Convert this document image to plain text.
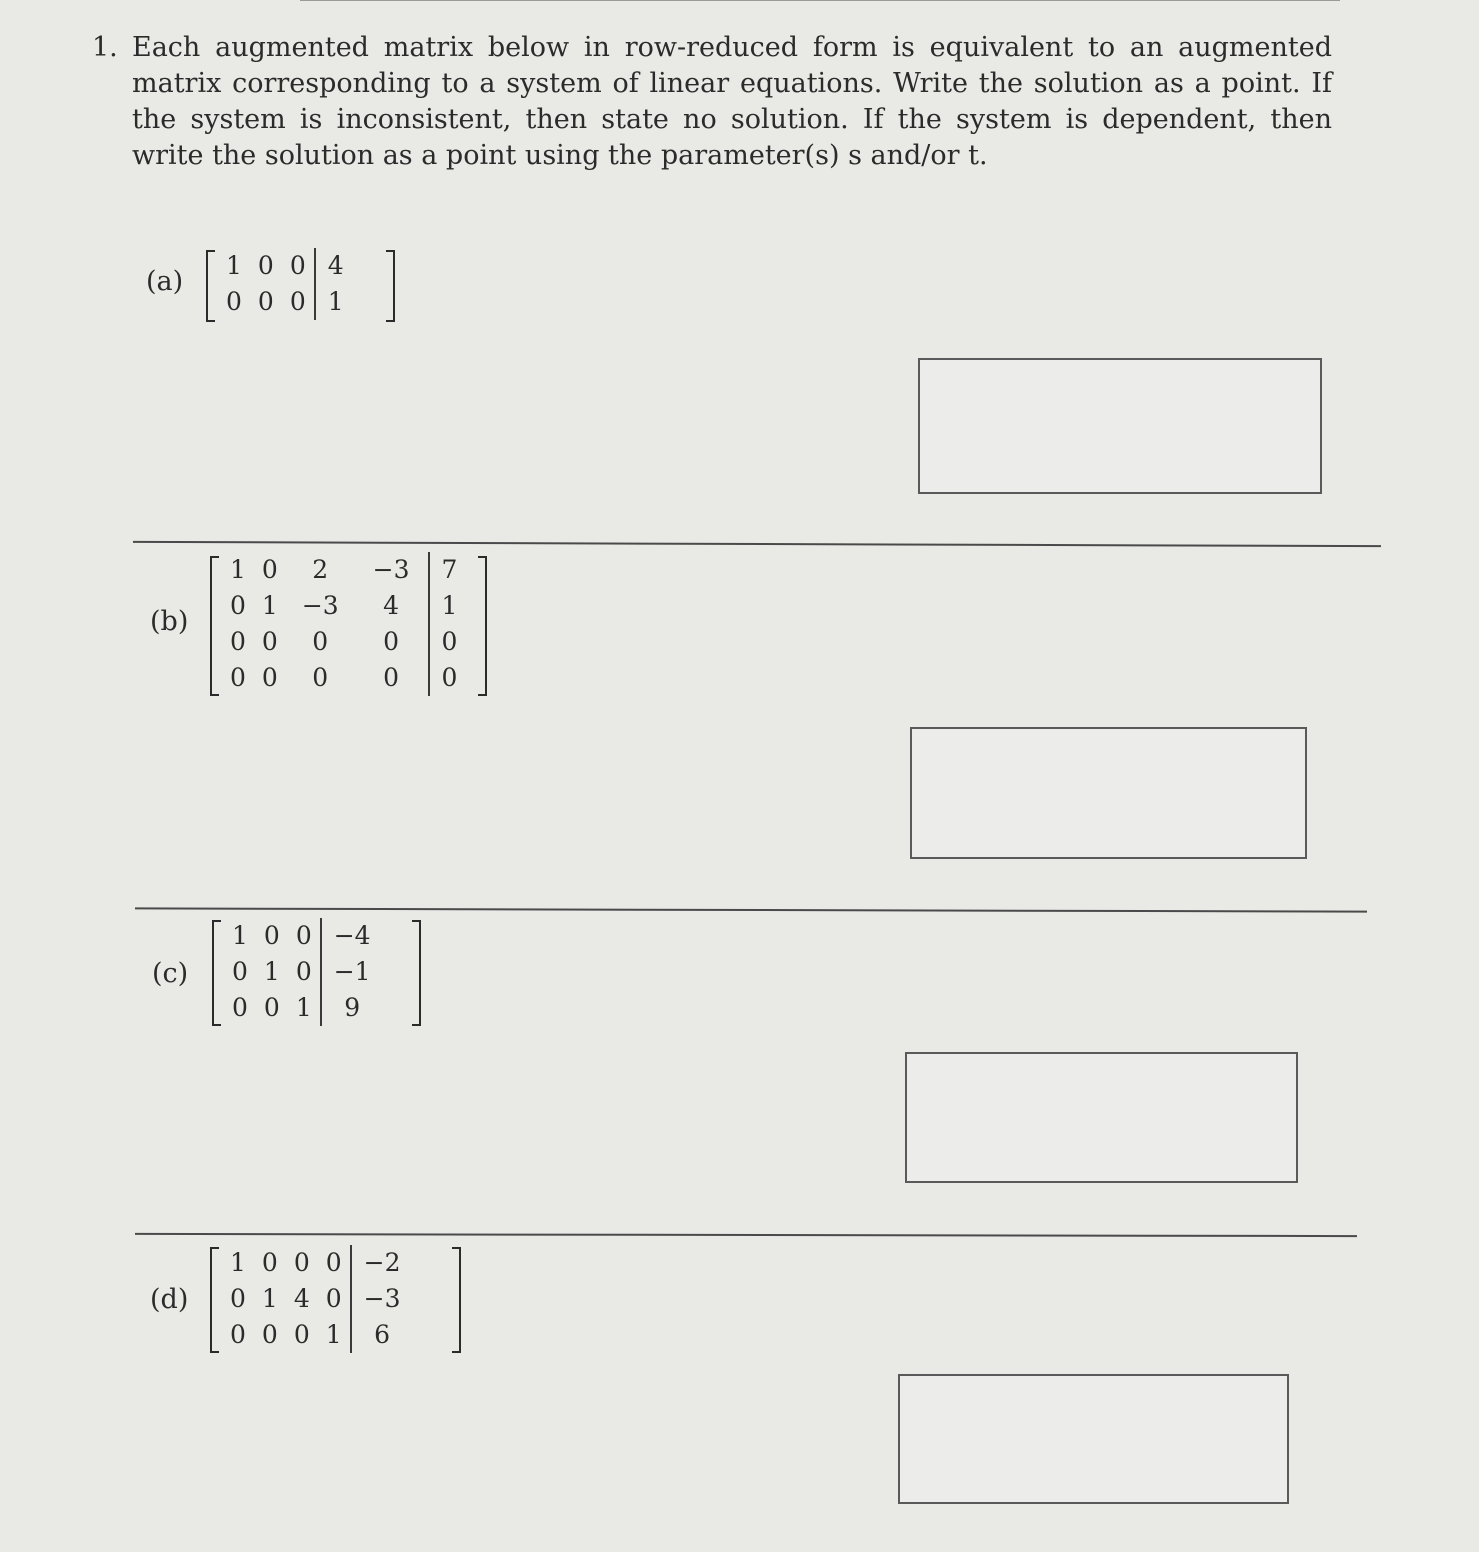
1. Each augmented matrix below in row-reduced form is equivalent to an augmented matrix corresponding to a system of linear equations. Write the solution as a point. If the system is inconsistent, then state no solution. If the system is dependent, then write the solution as a point using the parameter(s) s and/or t.
(a)
1	0	0	4
0	0	0	1
(b)
1	0	2	−3	7
0	1	−3	4	1
0	0	0	0	0
0	0	0	0	0
(c)
1	0	0	−4
0	1	0	−1
0	0	1	9
(d)
1	0	0	0	−2
0	1	4	0	−3
0	0	0	1	6
